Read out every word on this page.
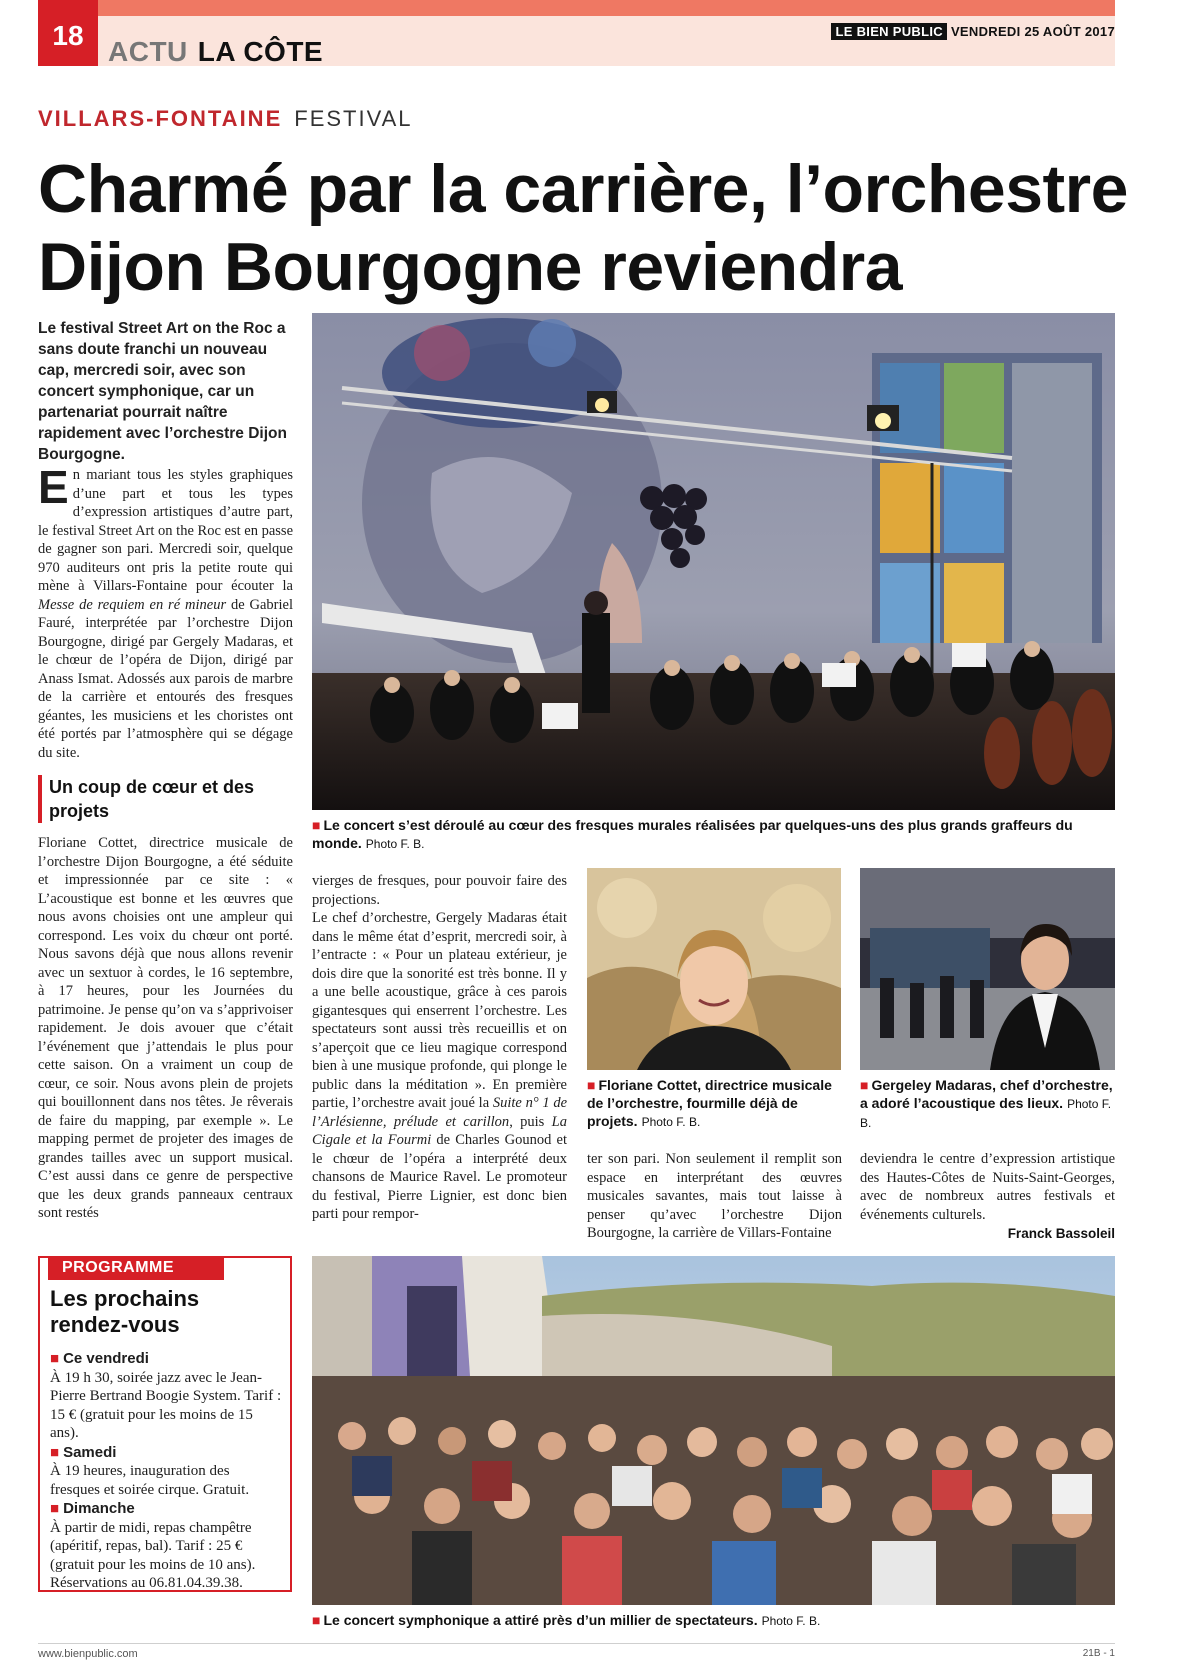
18
ACTU LA CÔTE
LE BIEN PUBLIC VENDREDI 25 AOÛT 2017
VILLARS-FONTAINE FESTIVAL
Charmé par la carrière, l’orchestre Dijon Bourgogne reviendra
Le festival Street Art on the Roc a sans doute franchi un nouveau cap, mercredi soir, avec son concert symphonique, car un partenariat pourrait naître rapidement avec l’orchestre Dijon Bourgogne.
■ Le concert s’est déroulé au cœur des fresques murales réalisées par quelques-uns des plus grands graffeurs du monde. Photo F. B.

En mariant tous les styles graphiques d’une part et tous les types d’expression artistiques d’autre part, le festival Street Art on the Roc est en passe de gagner son pari. Mercredi soir, quelque 970 auditeurs ont pris la petite route qui mène à Villars-Fontaine pour écouter la Messe de requiem en ré mineur de Gabriel Fauré, interprétée par l’orchestre Dijon Bourgogne, dirigé par Gergely Madaras, et le chœur de l’opéra de Dijon, dirigé par Anass Ismat. Adossés aux parois de marbre de la carrière et entourés des fresques géantes, les musiciens et les choristes ont été portés par l’atmosphère qui se dégage du site.

Un coup de cœur et des projets

Floriane Cottet, directrice musicale de l’orchestre Dijon Bourgogne, a été séduite et impressionnée par ce site : « L’acoustique est bonne et les œuvres que nous avons choisies ont une ampleur qui correspond. Les voix du chœur ont porté. Nous savons déjà que nous allons revenir avec un sextuor à cordes, le 16 septembre, à 17 heures, pour les Journées du patrimoine. Je pense qu’on va s’apprivoiser rapidement. Je dois avouer que c’était l’événement que j’attendais le plus pour cette saison. On a vraiment un coup de cœur, ce soir. Nous avons plein de projets qui bouillonnent dans nos têtes. Je rêverais de faire du mapping, par exemple ». Le mapping permet de projeter des images de grandes tailles avec un support musical. C’est aussi dans ce genre de perspective que les deux grands panneaux centraux sont restés

vierges de fresques, pour pouvoir faire des projections.

Le chef d’orchestre, Gergely Madaras était dans le même état d’esprit, mercredi soir, à l’entracte : « Pour un plateau extérieur, je dois dire que la sonorité est très bonne. Il y a une belle acoustique, grâce à ces parois gigantesques qui enserrent l’orchestre. Les spectateurs sont aussi très recueillis et on s’aperçoit que ce lieu magique correspond bien à une musique profonde, qui plonge le public dans la méditation ». En première partie, l’orchestre avait joué la Suite n° 1 de l’Arlésienne, prélude et carillon, puis La Cigale et la Fourmi de Charles Gounod et le chœur de l’opéra a interprété deux chansons de Maurice Ravel. Le promoteur du festival, Pierre Lignier, est donc bien parti pour rempor-

■ Floriane Cottet, directrice musicale de l’orchestre, fourmille déjà de projets. Photo F. B.
■ Gergeley Madaras, chef d’orchestre, a adoré l’acoustique des lieux. Photo F. B.

ter son pari. Non seulement il remplit son espace en interprétant des œuvres musicales savantes, mais tout laisse à penser qu’avec l’orchestre Dijon Bourgogne, la carrière de Villars-Fontaine

deviendra le centre d’expression artistique des Hautes-Côtes de Nuits-Saint-Georges, avec de nombreux autres festivals et événements culturels.

Franck Bassoleil
PROGRAMME
Les prochains rendez-vous
■ Ce vendredi
À 19 h 30, soirée jazz avec le Jean-Pierre Bertrand Boogie System. Tarif : 15 € (gratuit pour les moins de 15 ans).
■ Samedi
À 19 heures, inauguration des fresques et soirée cirque. Gratuit.
■ Dimanche
À partir de midi, repas champêtre (apéritif, repas, bal). Tarif : 25 € (gratuit pour les moins de 10 ans). Réservations au 06.81.04.39.38.
■ Le concert symphonique a attiré près d’un millier de spectateurs. Photo F. B.
www.bienpublic.com	21B - 1
